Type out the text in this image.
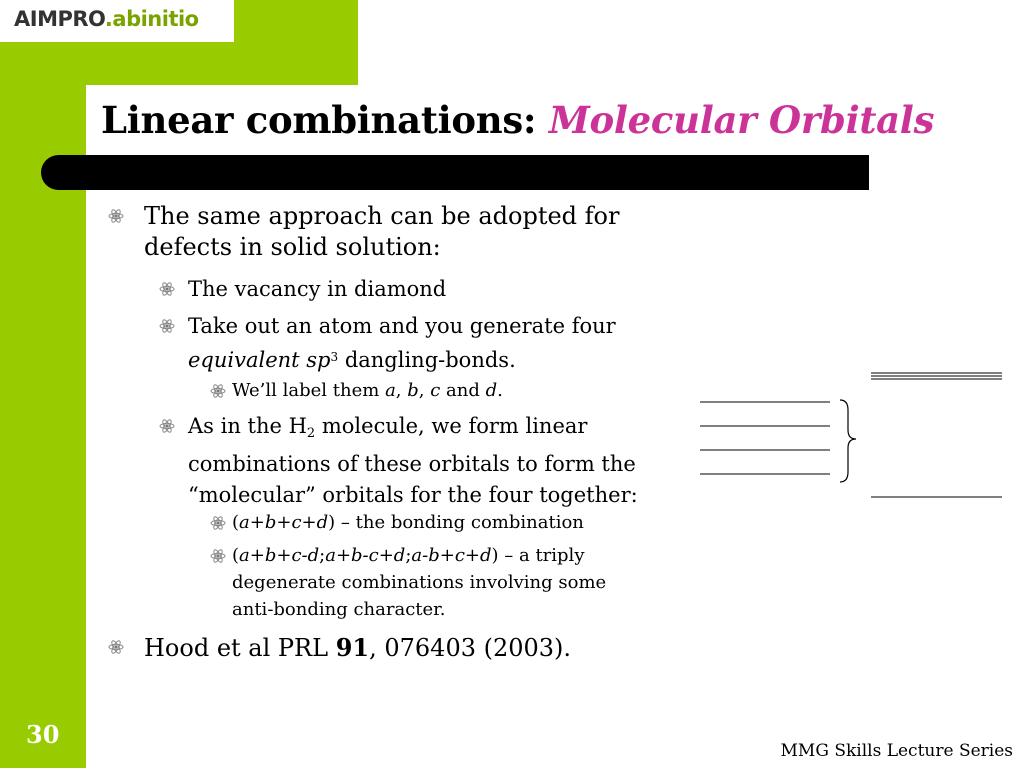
AIMPRO.abinitio
Linear combinations: Molecular Orbitals
The same approach can be adopted for
defects in solid solution:
The vacancy in diamond
Take out an atom and you generate four
equivalent $sp^3$ dangling-bonds.
We’ll label them a, b, c and d.
As in the $H_2$ molecule, we form linear
combinations of these orbitals to form the
“molecular” orbitals for the four together:
(a+b+c+d) – the bonding combination
(a+b+c-d;a+b-c+d;a-b+c+d) – a triply
degenerate combinations involving some
anti-bonding character.
Hood et al PRL 91, 076403 (2003).
30
MMG Skills Lecture Series
